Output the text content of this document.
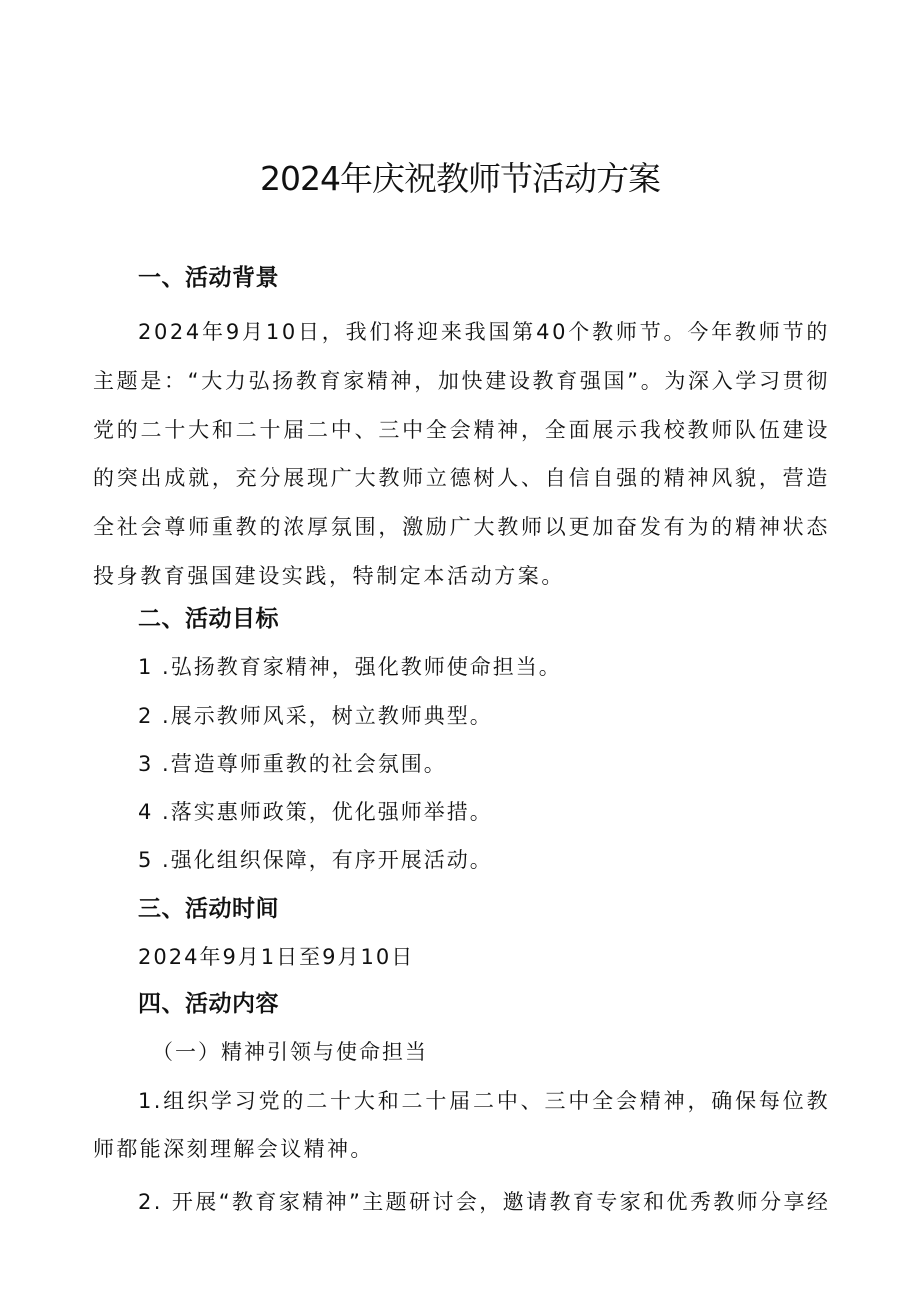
2024年庆祝教师节活动方案
一、活动背景

2024年9月10日，我们将迎来我国第40个教师节。今年教师节的主题是：“大力弘扬教育家精神，加快建设教育强国”。为深入学习贯彻党的二十大和二十届二中、三中全会精神，全面展示我校教师队伍建设的突出成就，充分展现广大教师立德树人、自信自强的精神风貌，营造全社会尊师重教的浓厚氛围，激励广大教师以更加奋发有为的精神状态投身教育强国建设实践，特制定本活动方案。

二、活动目标

1 .弘扬教育家精神，强化教师使命担当。

2 .展示教师风采，树立教师典型。

3 .营造尊师重教的社会氛围。

4 .落实惠师政策，优化强师举措。

5 .强化组织保障，有序开展活动。

三、活动时间

2024年9月1日至9月10日

四、活动内容

（一）精神引领与使命担当

1.组织学习党的二十大和二十届二中、三中全会精神，确保每位教师都能深刻理解会议精神。

2. 开展“教育家精神”主题研讨会，邀请教育专家和优秀教师分享经
